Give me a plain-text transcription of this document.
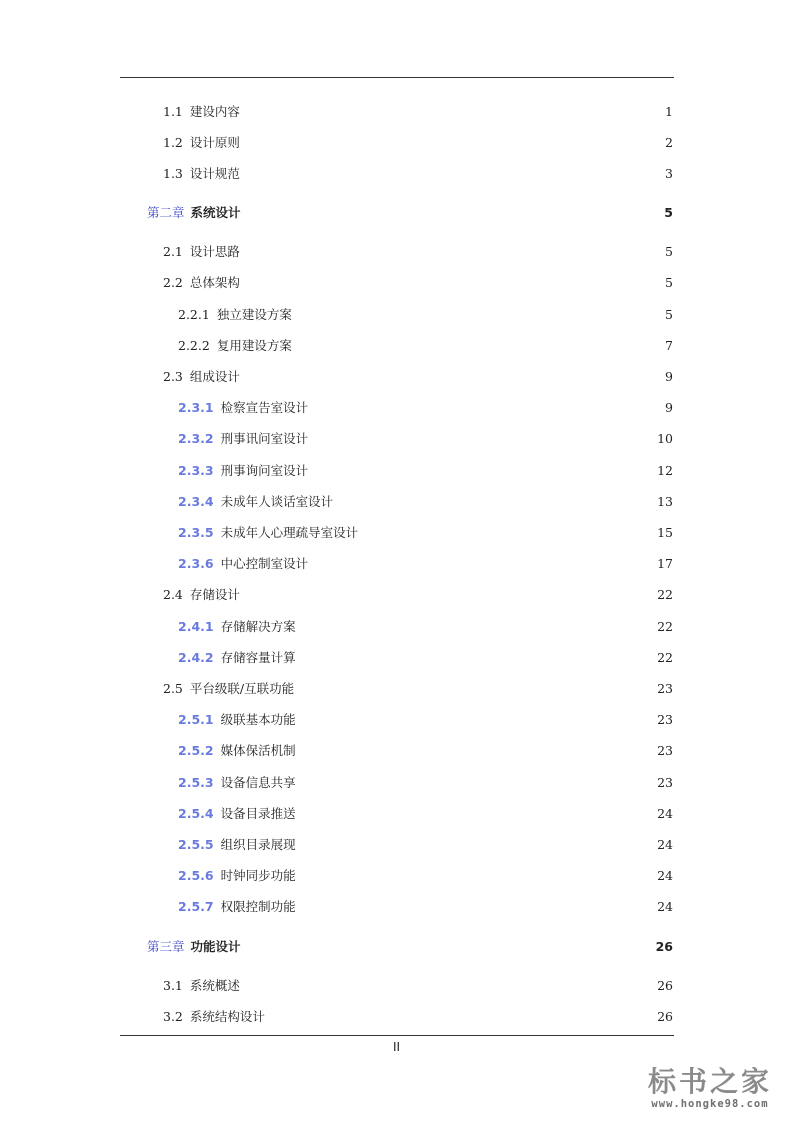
1.1 建设内容	1
1.2 设计原则	2
1.3 设计规范	3
第二章 系统设计	5
2.1 设计思路	5
2.2 总体架构	5
2.2.1 独立建设方案	5
2.2.2 复用建设方案	7
2.3 组成设计	9
2.3.1 检察宣告室设计	9
2.3.2 刑事讯问室设计	10
2.3.3 刑事询问室设计	12
2.3.4 未成年人谈话室设计	13
2.3.5 未成年人心理疏导室设计	15
2.3.6 中心控制室设计	17
2.4 存储设计	22
2.4.1 存储解决方案	22
2.4.2 存储容量计算	22
2.5 平台级联/互联功能	23
2.5.1 级联基本功能	23
2.5.2 媒体保活机制	23
2.5.3 设备信息共享	23
2.5.4 设备目录推送	24
2.5.5 组织目录展现	24
2.5.6 时钟同步功能	24
2.5.7 权限控制功能	24
第三章 功能设计	26
3.1 系统概述	26
3.2 系统结构设计	26
II
标书之家
www.hongke98.com
